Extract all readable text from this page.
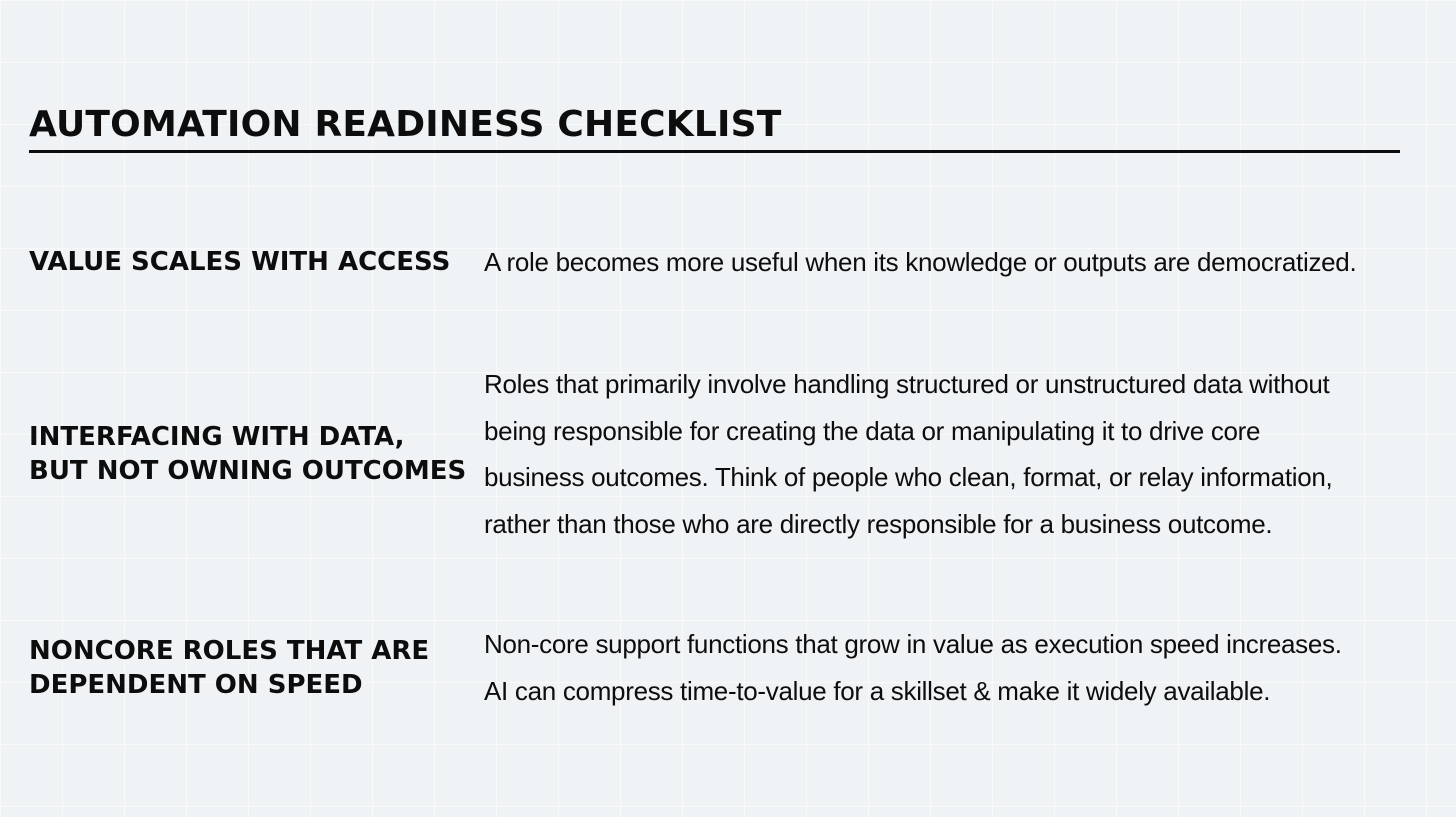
AUTOMATION READINESS CHECKLIST
VALUE SCALES WITH ACCESS A role becomes more useful when its knowledge or outputs are democratized.
INTERFACING WITH DATA,
BUT NOT OWNING OUTCOMES
Roles that primarily involve handling structured or unstructured data without
being responsible for creating the data or manipulating it to drive core
business outcomes. Think of people who clean, format, or relay information,
rather than those who are directly responsible for a business outcome.
NONCORE ROLES THAT ARE
DEPENDENT ON SPEED
Non-core support functions that grow in value as execution speed increases.
AI can compress time-to-value for a skillset & make it widely available.
